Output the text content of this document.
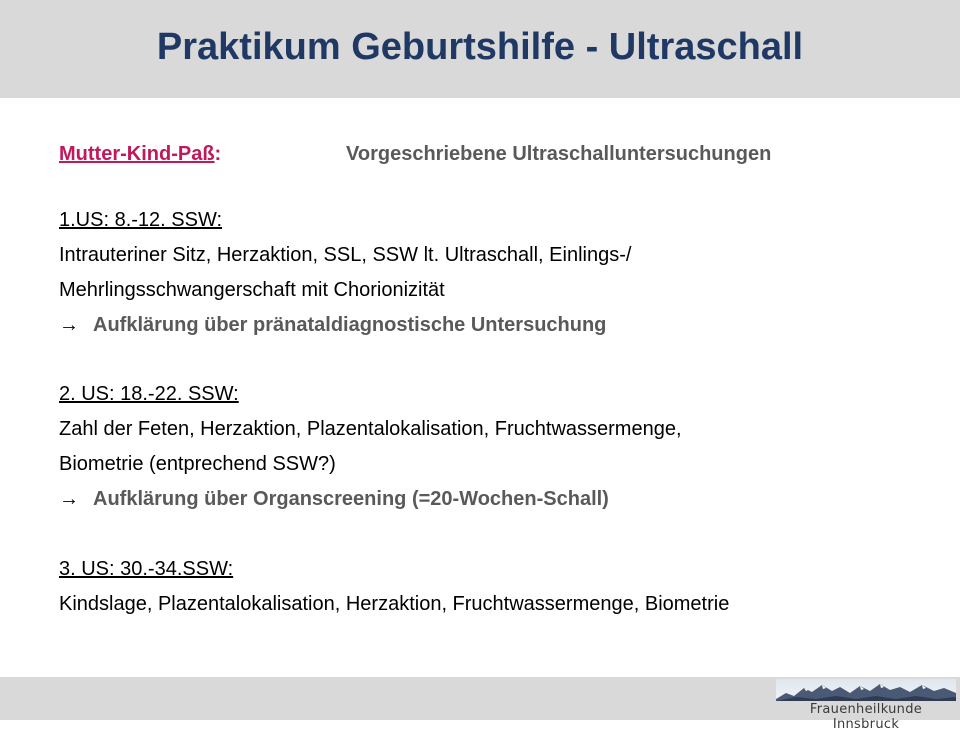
Praktikum Geburtshilfe - Ultraschall
Mutter-Kind-Paß:	Vorgeschriebene Ultraschalluntersuchungen
1.US: 8.-12. SSW:
Intrauteriner Sitz, Herzaktion, SSL, SSW lt. Ultraschall, Einlings-/
Mehrlingsschwangerschaft mit Chorionizität
→ Aufklärung über pränataldiagnostische Untersuchung
2. US: 18.-22. SSW:
Zahl der Feten, Herzaktion, Plazentalokalisation, Fruchtwassermenge,
Biometrie (entprechend SSW?)
→ Aufklärung über Organscreening (=20-Wochen-Schall)
3. US: 30.-34.SSW:
Kindslage, Plazentalokalisation, Herzaktion, Fruchtwassermenge, Biometrie
Frauenheilkunde Innsbruck
